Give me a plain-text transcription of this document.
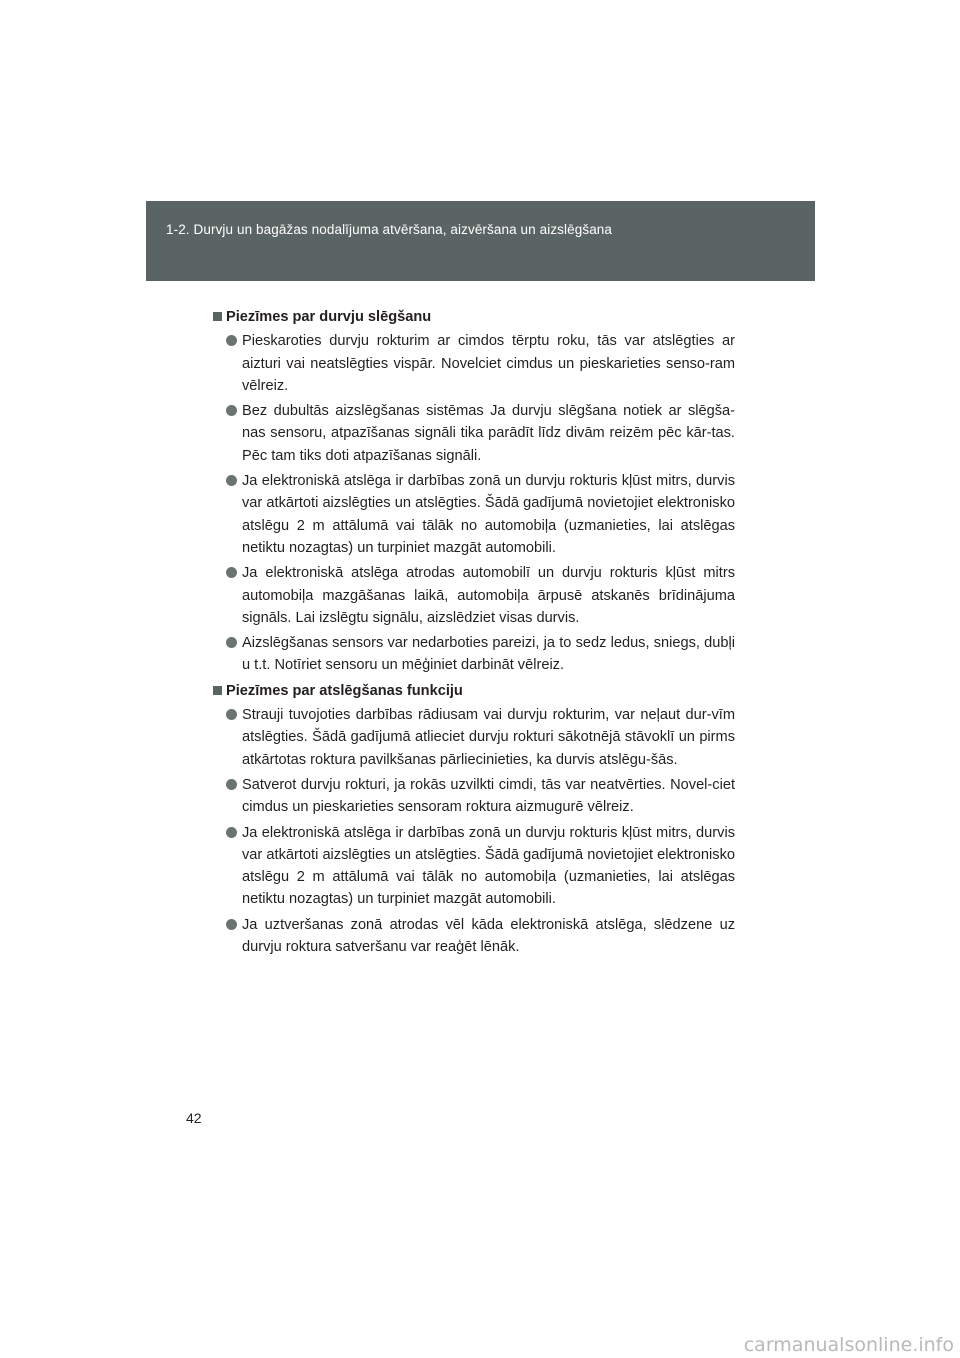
1-2. Durvju un bagāžas nodalījuma atvēršana, aizvēršana un aizslēgšana
Piezīmes par durvju slēgšanu
Pieskaroties durvju rokturim ar cimdos tērptu roku, tās var atslēgties ar aizturi vai neatslēgties vispār. Novelciet cimdus un pieskarieties senso-ram vēlreiz.
Bez dubultās aizslēgšanas sistēmas Ja durvju slēgšana notiek ar slēgša-nas sensoru, atpazīšanas signāli tika parādīt līdz divām reizēm pēc kār-tas. Pēc tam tiks doti atpazīšanas signāli.
Ja elektroniskā atslēga ir darbības zonā un durvju rokturis kļūst mitrs, durvis var atkārtoti aizslēgties un atslēgties. Šādā gadījumā novietojiet elektronisko atslēgu 2 m attālumā vai tālāk no automobiļa (uzmanieties, lai atslēgas netiktu nozagtas) un turpiniet mazgāt automobili.
Ja elektroniskā atslēga atrodas automobilī un durvju rokturis kļūst mitrs automobiļa mazgāšanas laikā, automobiļa ārpusē atskanēs brīdinājuma signāls. Lai izslēgtu signālu, aizslēdziet visas durvis.
Aizslēgšanas sensors var nedarboties pareizi, ja to sedz ledus, sniegs, dubļi u t.t. Notīriet sensoru un mēģiniet darbināt vēlreiz.
Piezīmes par atslēgšanas funkciju
Strauji tuvojoties darbības rādiusam vai durvju rokturim, var neļaut dur-vīm atslēgties. Šādā gadījumā atlieciet durvju rokturi sākotnējā stāvoklī un pirms atkārtotas roktura pavilkšanas pārliecinieties, ka durvis atslēgu-šās.
Satverot durvju rokturi, ja rokās uzvilkti cimdi, tās var neatvērties. Novel-ciet cimdus un pieskarieties sensoram roktura aizmugurē vēlreiz.
Ja elektroniskā atslēga ir darbības zonā un durvju rokturis kļūst mitrs, durvis var atkārtoti aizslēgties un atslēgties. Šādā gadījumā novietojiet elektronisko atslēgu 2 m attālumā vai tālāk no automobiļa (uzmanieties, lai atslēgas netiktu nozagtas) un turpiniet mazgāt automobili.
Ja uztveršanas zonā atrodas vēl kāda elektroniskā atslēga, slēdzene uz durvju roktura satveršanu var reaģēt lēnāk.
42
carmanualsonline.info
